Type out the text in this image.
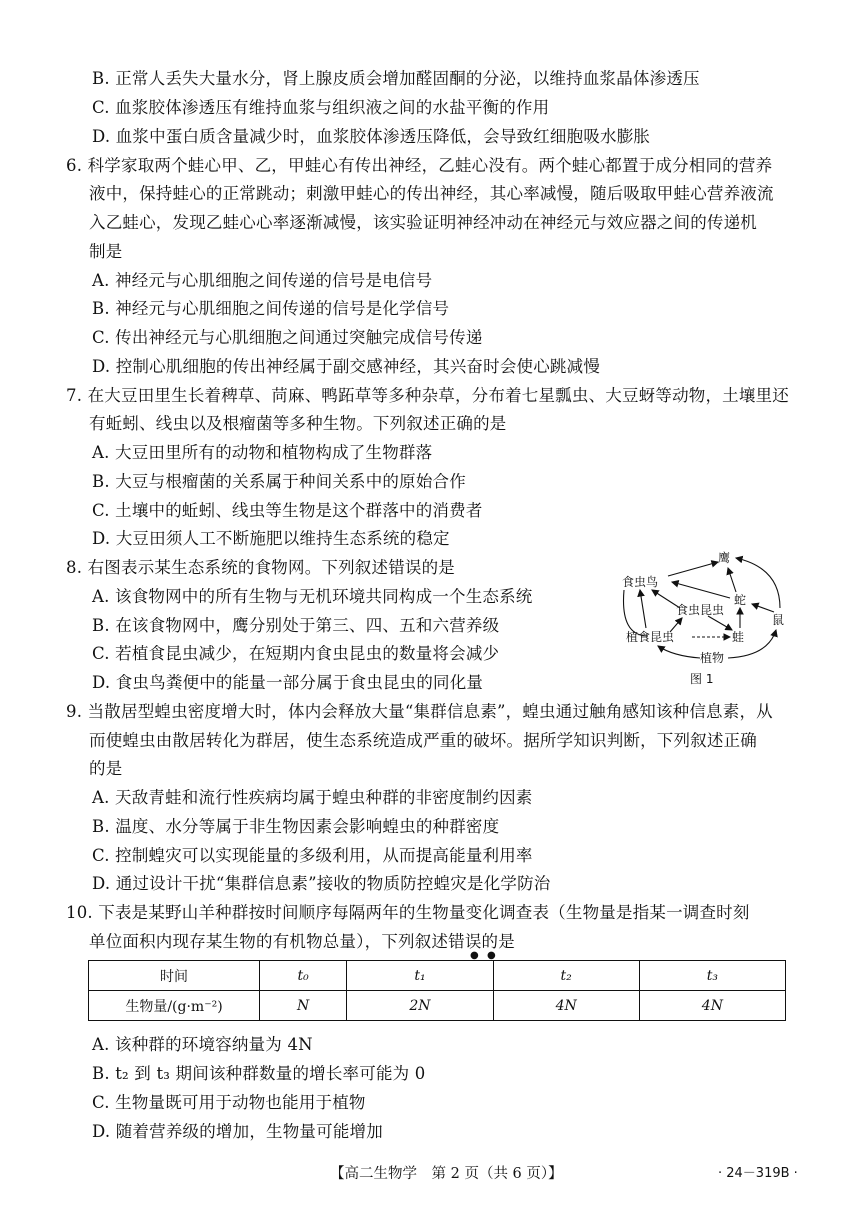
B. 正常人丢失大量水分，肾上腺皮质会增加醛固酮的分泌，以维持血浆晶体渗透压
C. 血浆胶体渗透压有维持血浆与组织液之间的水盐平衡的作用
D. 血浆中蛋白质含量减少时，血浆胶体渗透压降低，会导致红细胞吸水膨胀
6. 科学家取两个蛙心甲、乙，甲蛙心有传出神经，乙蛙心没有。两个蛙心都置于成分相同的营养
液中，保持蛙心的正常跳动；刺激甲蛙心的传出神经，其心率减慢，随后吸取甲蛙心营养液流
入乙蛙心，发现乙蛙心心率逐渐减慢，该实验证明神经冲动在神经元与效应器之间的传递机
制是
A. 神经元与心肌细胞之间传递的信号是电信号
B. 神经元与心肌细胞之间传递的信号是化学信号
C. 传出神经元与心肌细胞之间通过突触完成信号传递
D. 控制心肌细胞的传出神经属于副交感神经，其兴奋时会使心跳减慢
7. 在大豆田里生长着稗草、苘麻、鸭跖草等多种杂草，分布着七星瓢虫、大豆蚜等动物，土壤里还
有蚯蚓、线虫以及根瘤菌等多种生物。下列叙述正确的是
A. 大豆田里所有的动物和植物构成了生物群落
B. 大豆与根瘤菌的关系属于种间关系中的原始合作
C. 土壤中的蚯蚓、线虫等生物是这个群落中的消费者
D. 大豆田须人工不断施肥以维持生态系统的稳定
8. 右图表示某生态系统的食物网。下列叙述错误的是
A. 该食物网中的所有生物与无机环境共同构成一个生态系统
B. 在该食物网中，鹰分别处于第三、四、五和六营养级
C. 若植食昆虫减少，在短期内食虫昆虫的数量将会减少
D. 食虫鸟粪便中的能量一部分属于食虫昆虫的同化量
鹰
食虫鸟
食虫昆虫
蛇
鼠
植食昆虫	蛙
植物
图 1
9. 当散居型蝗虫密度增大时，体内会释放大量“集群信息素”，蝗虫通过触角感知该种信息素，从
而使蝗虫由散居转化为群居，使生态系统造成严重的破坏。据所学知识判断，下列叙述正确
的是
A. 天敌青蛙和流行性疾病均属于蝗虫种群的非密度制约因素
B. 温度、水分等属于非生物因素会影响蝗虫的种群密度
C. 控制蝗灾可以实现能量的多级利用，从而提高能量利用率
D. 通过设计干扰“集群信息素”接收的物质防控蝗灾是化学防治
10. 下表是某野山羊种群按时间顺序每隔两年的生物量变化调查表（生物量是指某一调查时刻
单位面积内现存某生物的有机物总量），下列叙述错误的是
● ●
时间	t₀	t₁	t₂	t₃
生物量/(g·m⁻²)	N	2N	4N	4N
A. 该种群的环境容纳量为 4N
B. t₂ 到 t₃ 期间该种群数量的增长率可能为 0
C. 生物量既可用于动物也能用于植物
D. 随着营养级的增加，生物量可能增加
【高二生物学　第 2 页（共 6 页）】	· 24－319B ·
